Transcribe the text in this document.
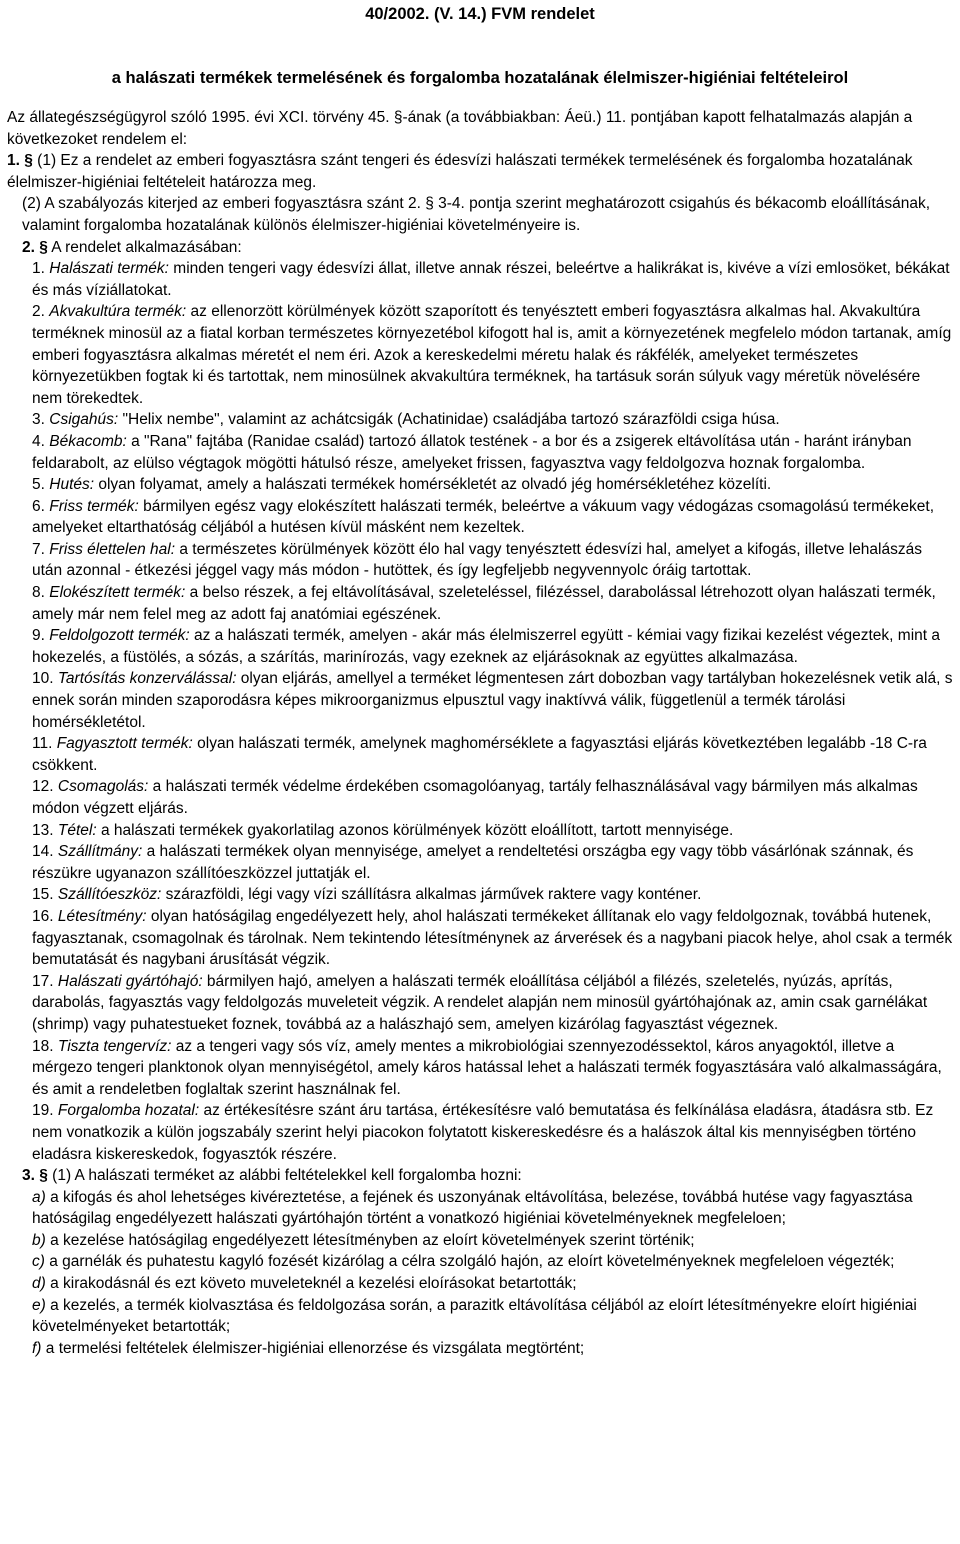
40/2002. (V. 14.) FVM rendelet

a halászati termékek termelésének és forgalomba hozatalának élelmiszer-higiéniai feltételeirol

Az állategészségügyrol szóló 1995. évi XCI. törvény 45. §-ának (a továbbiakban: Áeü.) 11. pontjában kapott felhatalmazás alapján a következoket rendelem el:

1. § (1) Ez a rendelet az emberi fogyasztásra szánt tengeri és édesvízi halászati termékek termelésének és forgalomba hozatalának élelmiszer-higiéniai feltételeit határozza meg.

(2) A szabályozás kiterjed az emberi fogyasztásra szánt 2. § 3-4. pontja szerint meghatározott csigahús és békacomb eloállításának, valamint forgalomba hozatalának különös élelmiszer-higiéniai követelményeire is.

2. § A rendelet alkalmazásában:

1. Halászati termék: minden tengeri vagy édesvízi állat, illetve annak részei, beleértve a halikrákat is, kivéve a vízi emlosöket, békákat és más víziállatokat.

2. Akvakultúra termék: az ellenorzött körülmények között szaporított és tenyésztett emberi fogyasztásra alkalmas hal. Akvakultúra terméknek minosül az a fiatal korban természetes környezetébol kifogott hal is, amit a környezetének megfelelo módon tartanak, amíg emberi fogyasztásra alkalmas méretét el nem éri. Azok a kereskedelmi méretu halak és rákfélék, amelyeket természetes környezetükben fogtak ki és tartottak, nem minosülnek akvakultúra terméknek, ha tartásuk során súlyuk vagy méretük növelésére nem törekedtek.

3. Csigahús: "Helix nembe", valamint az achátcsigák (Achatinidae) családjába tartozó szárazföldi csiga húsa.

4. Békacomb: a "Rana" fajtába (Ranidae család) tartozó állatok testének - a bor és a zsigerek eltávolítása után - haránt irányban feldarabolt, az elülso végtagok mögötti hátulsó része, amelyeket frissen, fagyasztva vagy feldolgozva hoznak forgalomba.

5. Hutés: olyan folyamat, amely a halászati termékek homérsékletét az olvadó jég homérsékletéhez közelíti.

6. Friss termék: bármilyen egész vagy elokészített halászati termék, beleértve a vákuum vagy védogázas csomagolású termékeket, amelyeket eltarthatóság céljából a hutésen kívül másként nem kezeltek.

7. Friss élettelen hal: a természetes körülmények között élo hal vagy tenyésztett édesvízi hal, amelyet a kifogás, illetve lehalászás után azonnal - étkezési jéggel vagy más módon - hutöttek, és így legfeljebb negyvennyolc óráig tartottak.

8. Elokészített termék: a belso részek, a fej eltávolításával, szeleteléssel, filézéssel, darabolással létrehozott olyan halászati termék, amely már nem felel meg az adott faj anatómiai egészének.

9. Feldolgozott termék: az a halászati termék, amelyen - akár más élelmiszerrel együtt - kémiai vagy fizikai kezelést végeztek, mint a hokezelés, a füstölés, a sózás, a szárítás, marinírozás, vagy ezeknek az eljárásoknak az együttes alkalmazása.

10. Tartósítás konzerválással: olyan eljárás, amellyel a terméket légmentesen zárt dobozban vagy tartályban hokezelésnek vetik alá, s ennek során minden szaporodásra képes mikroorganizmus elpusztul vagy inaktívvá válik, függetlenül a termék tárolási homérsékletétol.

11. Fagyasztott termék: olyan halászati termék, amelynek maghomérséklete a fagyasztási eljárás következtében legalább -18 C-ra csökkent.

12. Csomagolás: a halászati termék védelme érdekében csomagolóanyag, tartály felhasználásával vagy bármilyen más alkalmas módon végzett eljárás.

13. Tétel: a halászati termékek gyakorlatilag azonos körülmények között eloállított, tartott mennyisége.

14. Szállítmány: a halászati termékek olyan mennyisége, amelyet a rendeltetési országba egy vagy több vásárlónak szánnak, és részükre ugyanazon szállítóeszközzel juttatják el.

15. Szállítóeszköz: szárazföldi, légi vagy vízi szállításra alkalmas járművek raktere vagy konténer.

16. Létesítmény: olyan hatóságilag engedélyezett hely, ahol halászati termékeket állítanak elo vagy feldolgoznak, továbbá hutenek, fagyasztanak, csomagolnak és tárolnak. Nem tekintendo létesítménynek az árverések és a nagybani piacok helye, ahol csak a termék bemutatását és nagybani árusítását végzik.

17. Halászati gyártóhajó: bármilyen hajó, amelyen a halászati termék eloállítása céljából a filézés, szeletelés, nyúzás, aprítás, darabolás, fagyasztás vagy feldolgozás muveleteit végzik. A rendelet alapján nem minosül gyártóhajónak az, amin csak garnélákat (shrimp) vagy puhatestueket foznek, továbbá az a halászhajó sem, amelyen kizárólag fagyasztást végeznek.

18. Tiszta tengervíz: az a tengeri vagy sós víz, amely mentes a mikrobiológiai szennyezodéssektol, káros anyagoktól, illetve a mérgezo tengeri planktonok olyan mennyiségétol, amely káros hatással lehet a halászati termék fogyasztására való alkalmasságára, és amit a rendeletben foglaltak szerint használnak fel.

19. Forgalomba hozatal: az értékesítésre szánt áru tartása, értékesítésre való bemutatása és felkínálása eladásra, átadásra stb. Ez nem vonatkozik a külön jogszabály szerint helyi piacokon folytatott kiskereskedésre és a halászok által kis mennyiségben történo eladásra kiskereskedok, fogyasztók részére.

3. § (1) A halászati terméket az alábbi feltételekkel kell forgalomba hozni:

a) a kifogás és ahol lehetséges kivéreztetése, a fejének és uszonyának eltávolítása, belezése, továbbá hutése vagy fagyasztása hatóságilag engedélyezett halászati gyártóhajón történt a vonatkozó higiéniai követelményeknek megfeleloen;

b) a kezelése hatóságilag engedélyezett létesítményben az eloírt követelmények szerint történik;

c) a garnélák és puhatestu kagyló fozését kizárólag a célra szolgáló hajón, az eloírt követelményeknek megfeleloen végezték;

d) a kirakodásnál és ezt követo muveleteknél a kezelési eloírásokat betartották;

e) a kezelés, a termék kiolvasztása és feldolgozása során, a parazitk eltávolítása céljából az eloírt létesítményekre eloírt higiéniai követelményeket betartották;

f) a termelési feltételek élelmiszer-higiéniai ellenorzése és vizsgálata megtörtént;
